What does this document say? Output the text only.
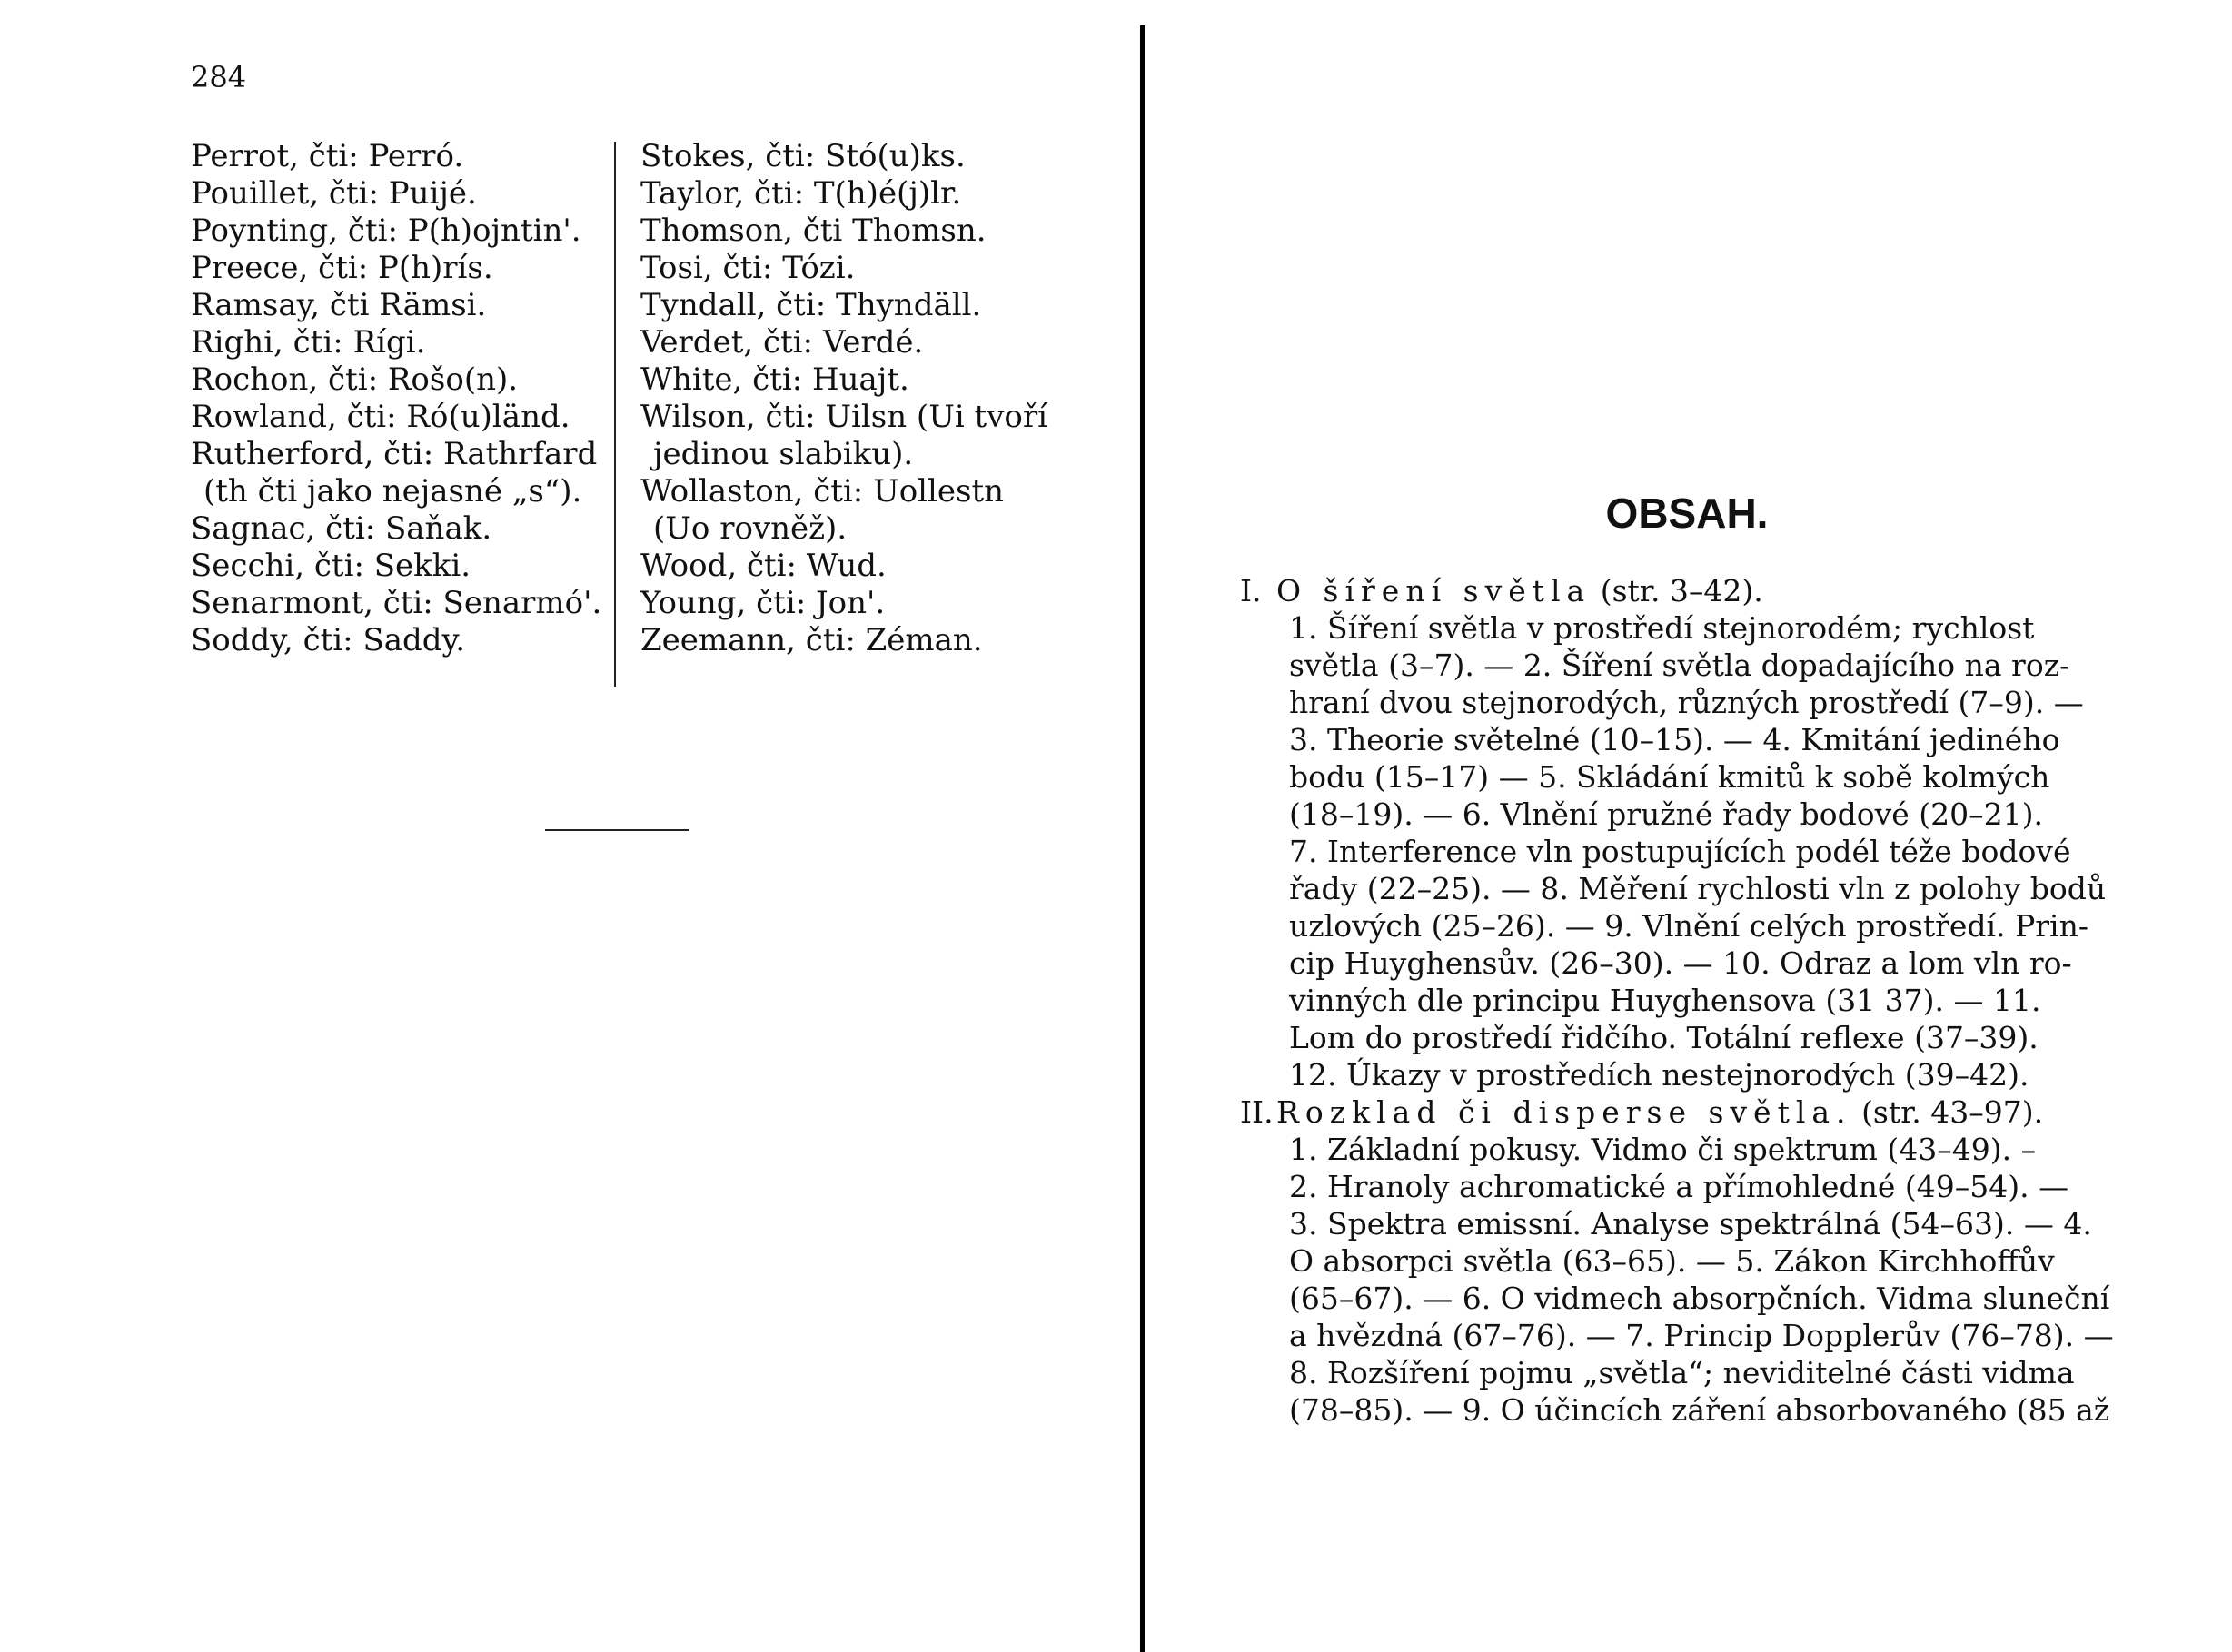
284
Perrot, čti: Perró.
Pouillet, čti: Puijé.
Poynting, čti: P(h)ojntin'.
Preece, čti: P(h)rís.
Ramsay, čti Rämsi.
Righi, čti: Rígi.
Rochon, čti: Rošo(n).
Rowland, čti: Ró(u)länd.
Rutherford, čti: Rathrfard
(th čti jako nejasné „s“).
Sagnac, čti: Saňak.
Secchi, čti: Sekki.
Senarmont, čti: Senarmó'.
Soddy, čti: Saddy.
Stokes, čti: Stó(u)ks.
Taylor, čti: T(h)é(j)lr.
Thomson, čti Thomsn.
Tosi, čti: Tózi.
Tyndall, čti: Thyndäll.
Verdet, čti: Verdé.
White, čti: Huajt.
Wilson, čti: Uilsn (Ui tvoří
jedinou slabiku).
Wollaston, čti: Uollestn
(Uo rovněž).
Wood, čti: Wud.
Young, čti: Jon'.
Zeemann, čti: Zéman.
OBSAH.
I. O šíření světla (str. 3–42).
1. Šíření světla v prostředí stejnorodém; rychlost
světla (3–7). — 2. Šíření světla dopadajícího na roz-
hraní dvou stejnorodých, různých prostředí (7–9). —
3. Theorie světelné (10–15). — 4. Kmitání jediného
bodu (15–17) — 5. Skládání kmitů k sobě kolmých
(18–19). — 6. Vlnění pružné řady bodové (20–21).
7. Interference vln postupujících podél téže bodové
řady (22–25). — 8. Měření rychlosti vln z polohy bodů
uzlových (25–26). — 9. Vlnění celých prostředí. Prin-
cip Huyghensův. (26–30). — 10. Odraz a lom vln ro-
vinných dle principu Huyghensova (31 37). — 11.
Lom do prostředí řidčího. Totální reflexe (37–39).
12. Úkazy v prostředích nestejnorodých (39–42).
II. Rozklad či disperse světla. (str. 43–97).
1. Základní pokusy. Vidmo či spektrum (43–49). –
2. Hranoly achromatické a přímohledné (49–54). —
3. Spektra emissní. Analyse spektrálná (54–63). — 4.
O absorpci světla (63–65). — 5. Zákon Kirchhoffův
(65–67). — 6. O vidmech absorpčních. Vidma sluneční
a hvězdná (67–76). — 7. Princip Dopplerův (76–78). —
8. Rozšíření pojmu „světla“; neviditelné části vidma
(78–85). — 9. O účincích záření absorbovaného (85 až
